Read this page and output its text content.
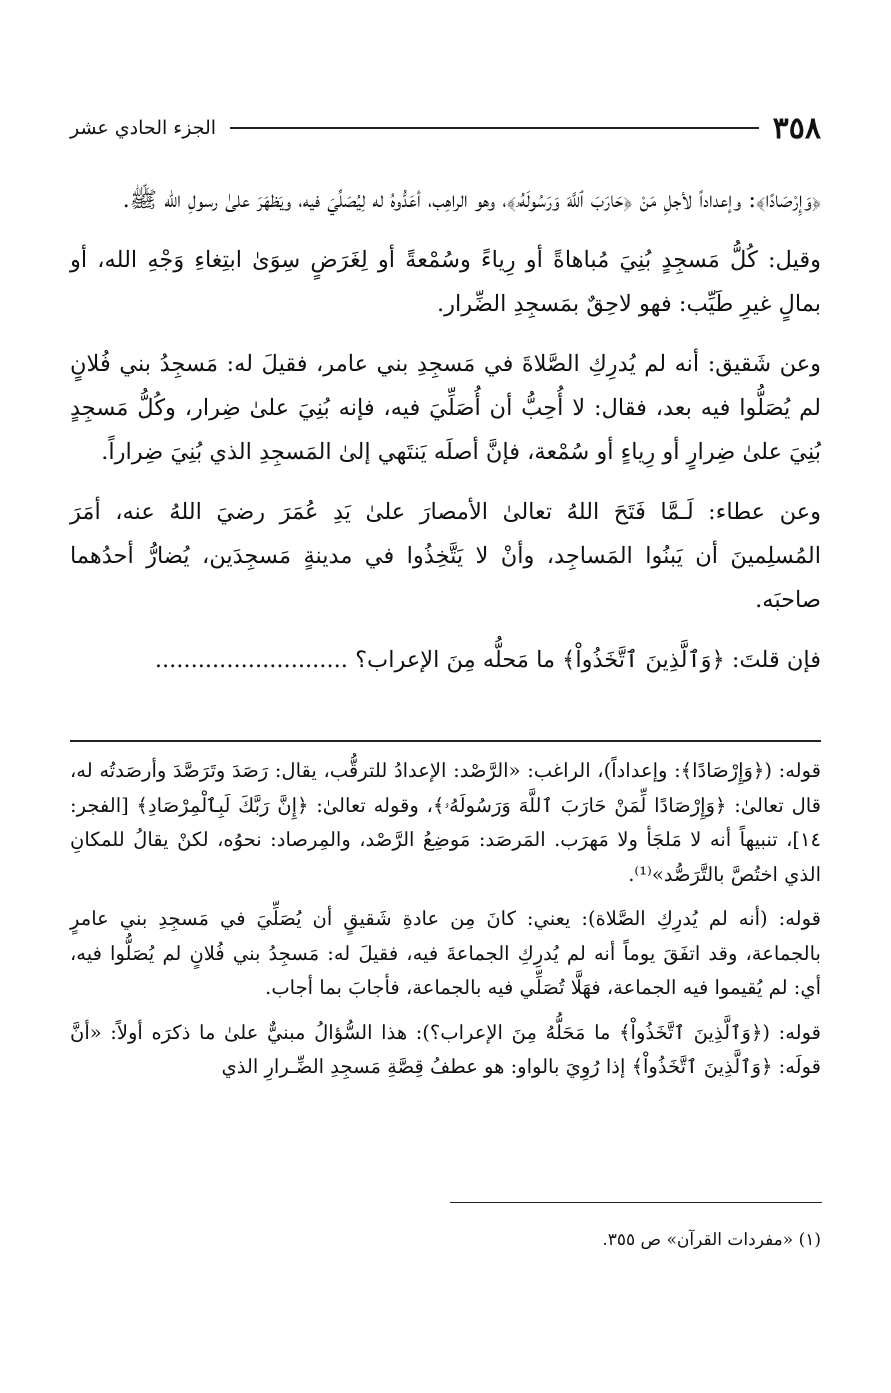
٣٥٨
الجزء الحادي عشر

﴿وَإِرْصَادًا﴾: وإعداداً لأجلِ مَنْ ﴿حَارَبَ ٱللَّهَ وَرَسُولَهُۥ﴾، وهو الراهِب، أعَدُّوهُ له لِيُصَلِّيَ فيه، ويَظهَرَ علىٰ رسولِ الله ﷺ.

وقيل: كُلُّ مَسجِدٍ بُنِيَ مُباهاةً أو رِياءً وسُمْعةً أو لِغَرَضٍ سِوَىٰ ابتِغاءِ وَجْهِ الله، أو بمالٍ غيرِ طَيِّب: فهو لاحِقٌ بمَسجِدِ الضِّرار.

وعن شَقيق: أنه لم يُدرِكِ الصَّلاةَ في مَسجِدِ بني عامر، فقيلَ له: مَسجِدُ بني فُلانٍ لم يُصَلُّوا فيه بعد، فقال: لا أُحِبُّ أن أُصَلِّيَ فيه، فإنه بُنِيَ علىٰ ضِرار، وكُلُّ مَسجِدٍ بُنِيَ علىٰ ضِرارٍ أو رِياءٍ أو سُمْعة، فإنَّ أصلَه يَنتَهي إلىٰ المَسجِدِ الذي بُنِيَ ضِراراً.

وعن عطاء: لَـمَّا فَتَحَ اللهُ تعالىٰ الأمصارَ علىٰ يَدِ عُمَرَ رضيَ اللهُ عنه، أمَرَ المُسلِمينَ أن يَبنُوا المَساجِد، وأنْ لا يَتَّخِذُوا في مدينةٍ مَسجِدَين، يُضارُّ أحدُهما صاحبَه.

فإن قلتَ: ﴿وَٱلَّذِينَ ٱتَّخَذُواْ﴾ ما مَحلُّه مِنَ الإعراب؟ ...........................

قوله: (﴿وَإِرْصَادًا﴾: وإعداداً)، الراغب: «الرَّصْد: الإعدادُ للترقُّب، يقال: رَصَدَ وتَرَصَّدَ وأرصَدتُه له، قال تعالىٰ: ﴿وَإِرْصَادًا لِّمَنْ حَارَبَ ٱللَّهَ وَرَسُولَهُۥ﴾، وقوله تعالىٰ: ﴿إِنَّ رَبَّكَ لَبِٱلْمِرْصَادِ﴾ [الفجر: ١٤]، تنبيهاً أنه لا مَلجَأ ولا مَهرَب. المَرصَد: مَوضِعُ الرَّصْد، والمِرصاد: نحوُه، لكنْ يقالُ للمكانِ الذي اختُصَّ بالتَّرَصُّد»⁽¹⁾.

قوله: (أنه لم يُدرِكِ الصَّلاة): يعني: كانَ مِن عادةِ شَقيقٍ أن يُصَلِّيَ في مَسجِدِ بني عامرٍ بالجماعة، وقد اتفَقَ يوماً أنه لم يُدرِكِ الجماعةَ فيه، فقيلَ له: مَسجِدُ بني فُلانٍ لم يُصَلُّوا فيه، أي: لم يُقيموا فيه الجماعة، فهَلَّا تُصَلِّي فيه بالجماعة، فأجابَ بما أجاب.

قوله: (﴿وَٱلَّذِينَ ٱتَّخَذُواْ﴾ ما مَحَلُّهُ مِنَ الإعراب؟): هذا السُّؤالُ مبنيٌّ علىٰ ما ذكرَه أولاً: «أنَّ قولَه: ﴿وَٱلَّذِينَ ٱتَّخَذُواْ﴾ إذا رُوِيَ بالواو: هو عطفُ قِصَّةِ مَسجِدِ الضِّـرارِ الذي

(١) «مفردات القرآن» ص ٣٥٥.
